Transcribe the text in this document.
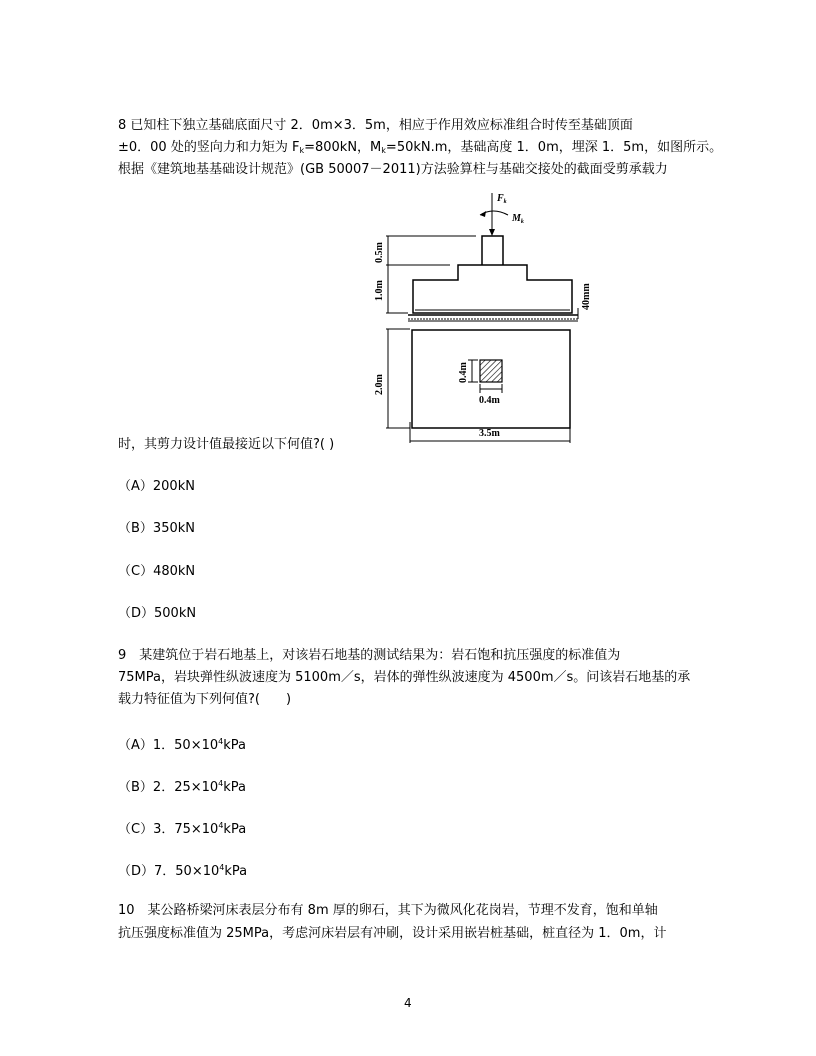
8 已知柱下独立基础底面尺寸 2．0m×3．5m，相应于作用效应标准组合时传至基础顶面
±0．00 处的竖向力和力矩为 $F_k=800kN$，$M_k=50kN.m$，基础高度 1．0m，埋深 1．5m，如图所示。
根据《建筑地基基础设计规范》(GB 50007－2011)方法验算柱与基础交接处的截面受剪承载力
时，其剪力设计值最接近以下何值?( )
（A）200kN
（B）350kN
（C）480kN
（D）500kN
$F_k$
$M_k$
0.5m
1.0m	40mm
2.0m
0.4m
0.4m
3.5m
9　某建筑位于岩石地基上，对该岩石地基的测试结果为：岩石饱和抗压强度的标准值为
75MPa，岩块弹性纵波速度为 5100m／s，岩体的弹性纵波速度为 4500m／s。问该岩石地基的承
载力特征值为下列何值?(　　)
（A）1．$50\times 10^4kPa$
（B）2．$25\times 10^4kPa$
（C）3．$75\times 10^4kPa$
（D）7．$50\times 10^4kPa$
10　某公路桥梁河床表层分布有 8m 厚的卵石，其下为微风化花岗岩，节理不发育，饱和单轴
抗压强度标准值为 25MPa，考虑河床岩层有冲刷，设计采用嵌岩桩基础，桩直径为 1．0m，计
4
